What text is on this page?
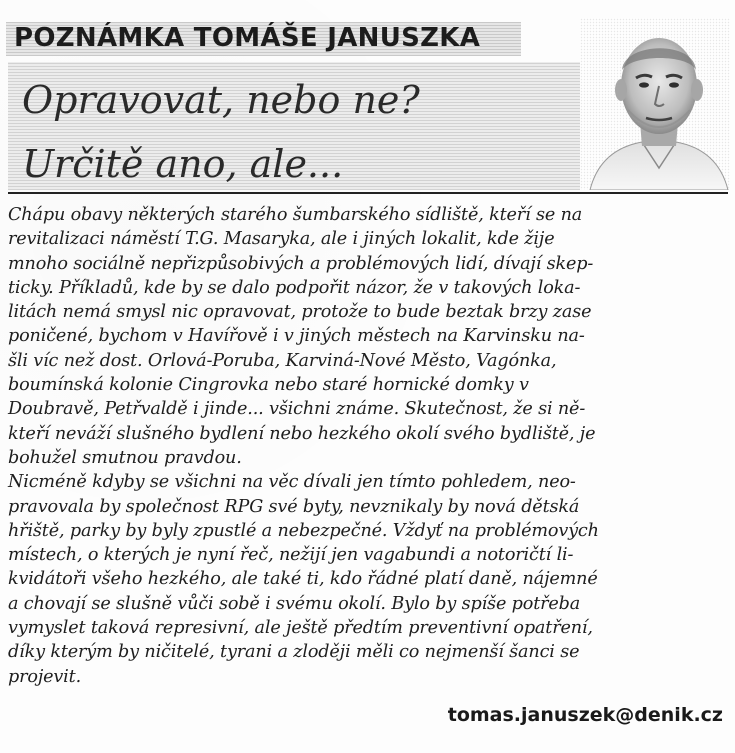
POZNÁMKA TOMÁŠE JANUSZKA
Opravovat, nebo ne?
Určitě ano, ale...
Chápu obavy některých starého šumbarského sídliště, kteří se na
revitalizaci náměstí T.G. Masaryka, ale i jiných lokalit, kde žije
mnoho sociálně nepřizpůsobivých a problémových lidí, dívají skep-
ticky. Příkladů, kde by se dalo podpořit názor, že v takových loka-
litách nemá smysl nic opravovat, protože to bude beztak brzy zase
poničené, bychom v Havířově i v jiných městech na Karvinsku na-
šli víc než dost. Orlová-Poruba, Karviná-Nové Město, Vagónka,
boumínská kolonie Cingrovka nebo staré hornické domky v
Doubravě, Petřvaldě i jinde... všichni známe. Skutečnost, že si ně-
kteří neváží slušného bydlení nebo hezkého okolí svého bydliště, je
bohužel smutnou pravdou.
Nicméně kdyby se všichni na věc dívali jen tímto pohledem, neo-
pravovala by společnost RPG své byty, nevznikaly by nová dětská
hřiště, parky by byly zpustlé a nebezpečné. Vždyť na problémových
místech, o kterých je nyní řeč, nežijí jen vagabundi a notoričtí li-
kvidátoři všeho hezkého, ale také ti, kdo řádné platí daně, nájemné
a chovají se slušně vůči sobě i svému okolí. Bylo by spíše potřeba
vymyslet taková represivní, ale ještě předtím preventivní opatření,
díky kterým by ničitelé, tyrani a zloději měli co nejmenší šanci se
projevit.
tomas.januszek@denik.cz
